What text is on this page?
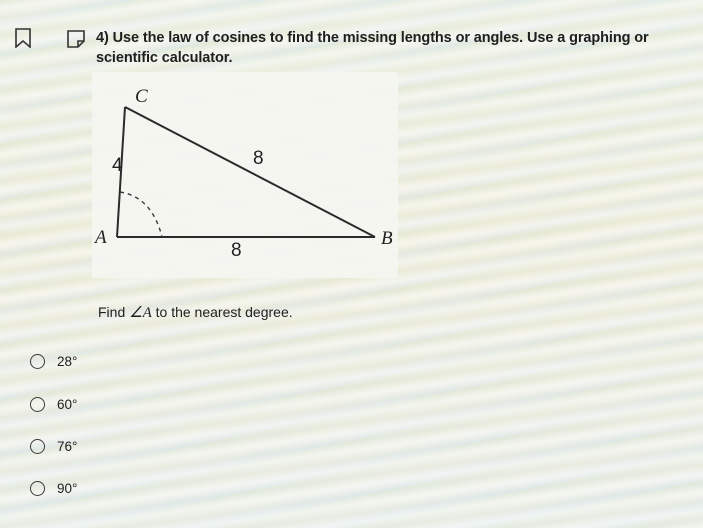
4) Use the law of cosines to find the missing lengths or angles. Use a graphing or scientific calculator.
C
A	B
4	8
8
Find ∠A to the nearest degree.
28°
60°
76°
90°
